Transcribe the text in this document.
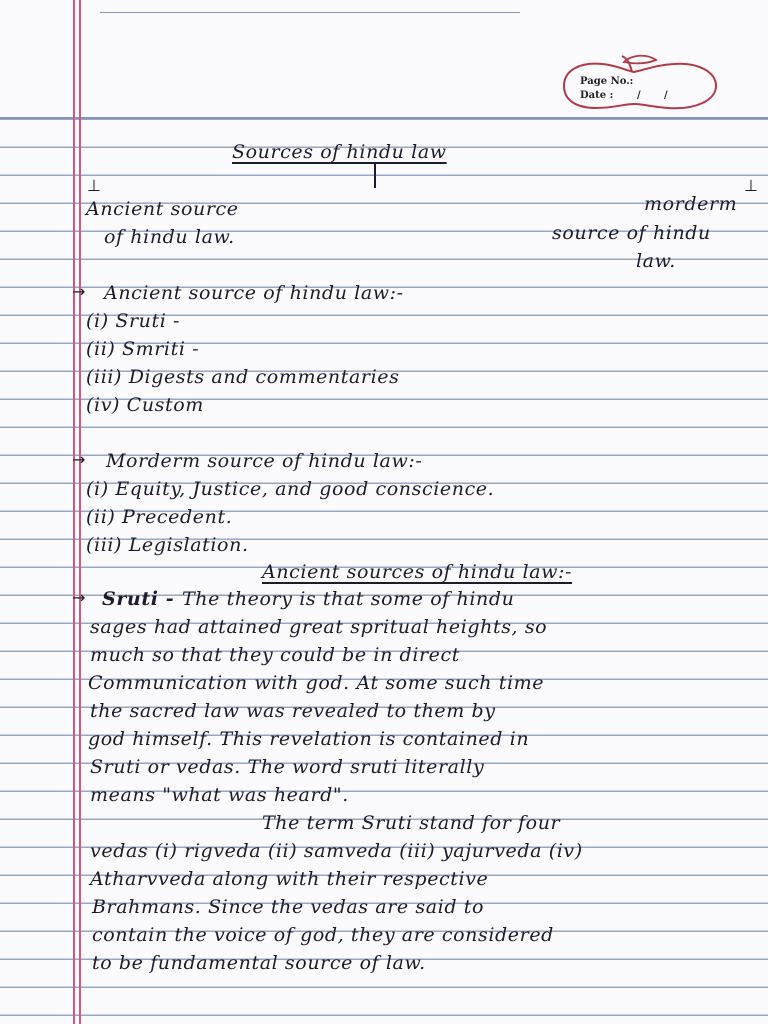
Page No.:
Date : / /
Sources of hindu law
⊥
Ancient source
of hindu law.
⊥
morderm
source of hindu
law.
→ Ancient source of hindu law:-
(i) Sruti -
(ii) Smriti -
(iii) Digests and commentaries
(iv) Custom
→ Morderm source of hindu law:-
(i) Equity, Justice, and good conscience.
(ii) Precedent.
(iii) Legislation.
Ancient sources of hindu law:-
→ Sruti - The theory is that some of hindu
sages had attained great spritual heights, so
much so that they could be in direct
Communication with god. At some such time
the sacred law was revealed to them by
god himself. This revelation is contained in
Sruti or vedas. The word sruti literally
means "what was heard".
The term Sruti stand for four
vedas (i) rigveda (ii) samveda (iii) yajurveda (iv)
Atharvveda along with their respective
Brahmans. Since the vedas are said to
contain the voice of god, they are considered
to be fundamental source of law.
